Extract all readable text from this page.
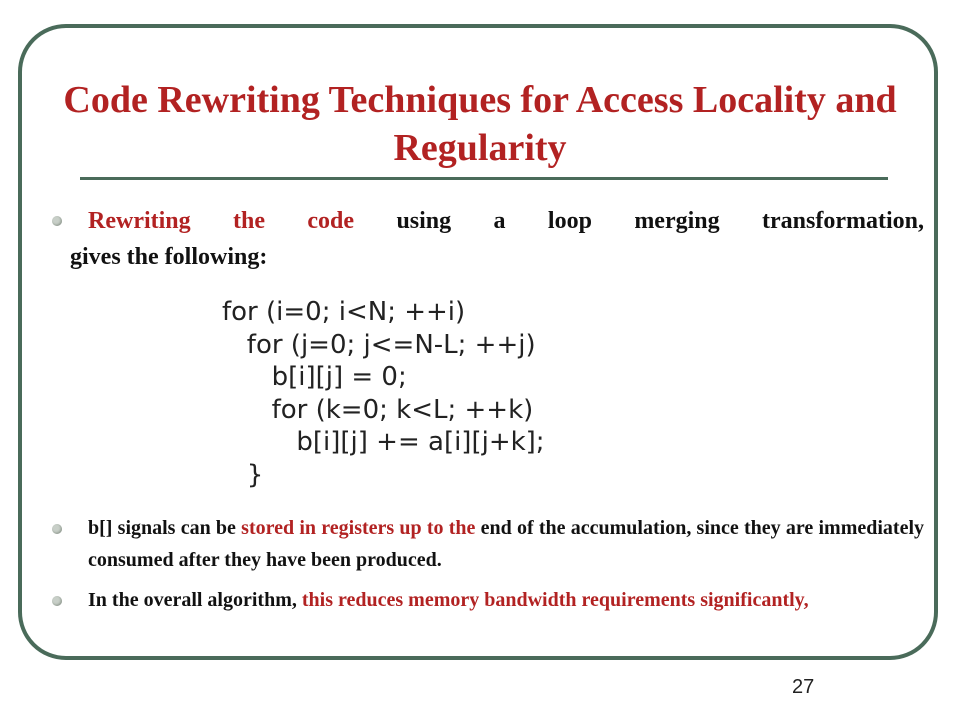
Code Rewriting Techniques for Access Locality and Regularity
Rewriting the code using a loop merging transformation,
gives the following:
for (i=0; i<N; ++i)
for (j=0; j<=N-L; ++j)
b[i][j] = 0;
for (k=0; k<L; ++k)
b[i][j] += a[i][j+k];
}
b[] signals can be stored in registers up to the end of the accumulation, since they are immediately consumed after they have been produced.
In the overall algorithm, this reduces memory bandwidth requirements significantly,
27
